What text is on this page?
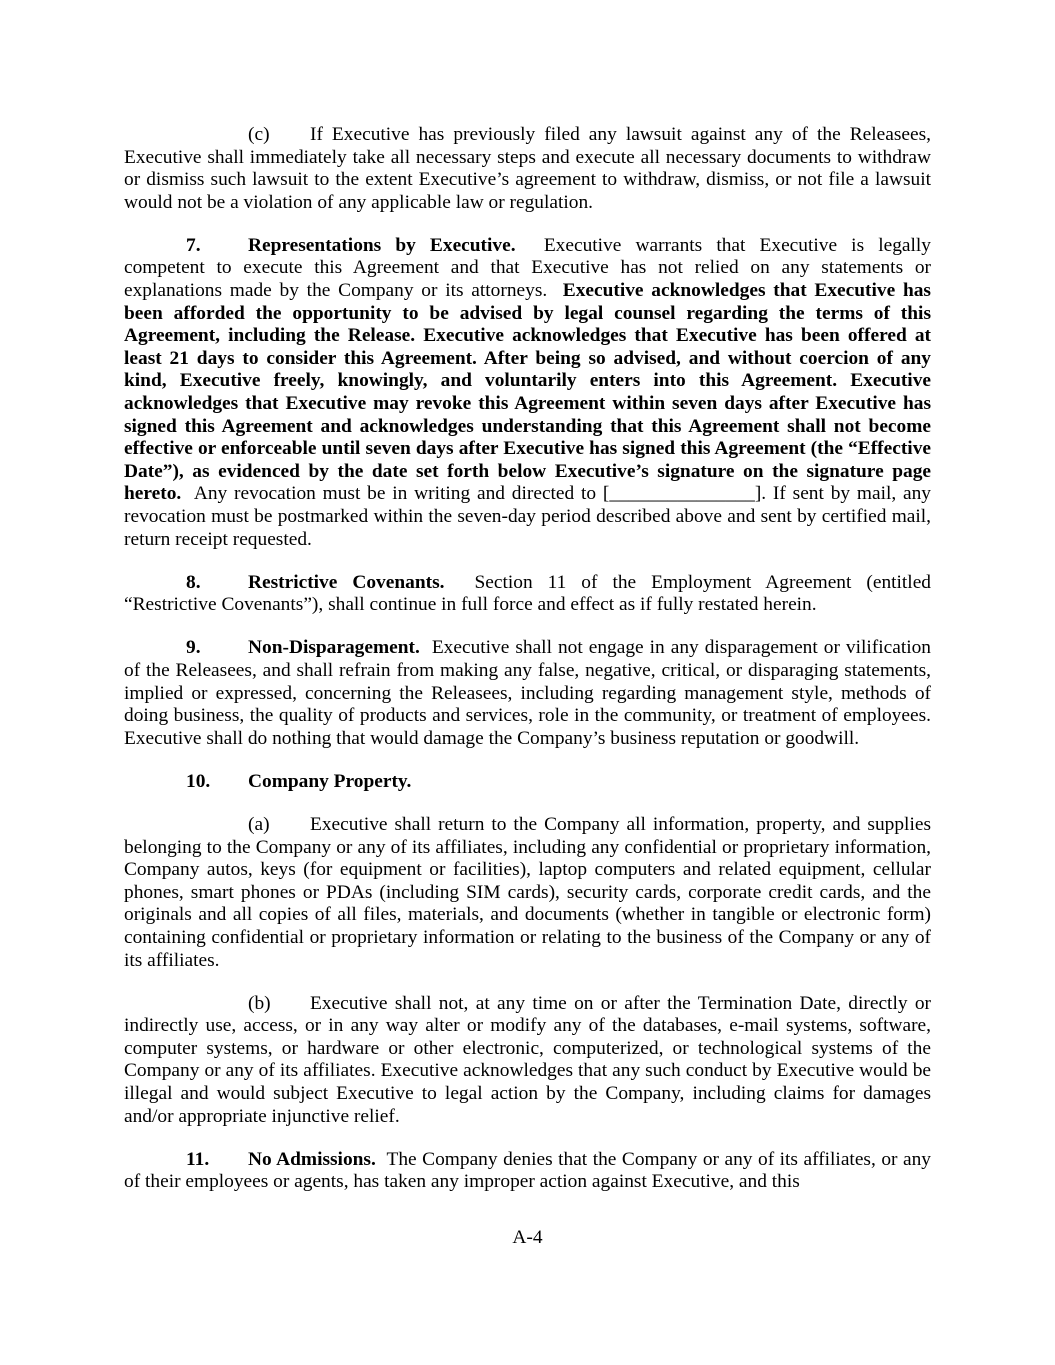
(c) If Executive has previously filed any lawsuit against any of the Releasees, Executive shall immediately take all necessary steps and execute all necessary documents to withdraw or dismiss such lawsuit to the extent Executive’s agreement to withdraw, dismiss, or not file a lawsuit would not be a violation of any applicable law or regulation.

7. Representations by Executive. Executive warrants that Executive is legally competent to execute this Agreement and that Executive has not relied on any statements or explanations made by the Company or its attorneys. Executive acknowledges that Executive has been afforded the opportunity to be advised by legal counsel regarding the terms of this Agreement, including the Release. Executive acknowledges that Executive has been offered at least 21 days to consider this Agreement. After being so advised, and without coercion of any kind, Executive freely, knowingly, and voluntarily enters into this Agreement. Executive acknowledges that Executive may revoke this Agreement within seven days after Executive has signed this Agreement and acknowledges understanding that this Agreement shall not become effective or enforceable until seven days after Executive has signed this Agreement (the “Effective Date”), as evidenced by the date set forth below Executive’s signature on the signature page hereto. Any revocation must be in writing and directed to [_______________]. If sent by mail, any revocation must be postmarked within the seven-day period described above and sent by certified mail, return receipt requested.

8. Restrictive Covenants. Section 11 of the Employment Agreement (entitled “Restrictive Covenants”), shall continue in full force and effect as if fully restated herein.

9. Non-Disparagement. Executive shall not engage in any disparagement or vilification of the Releasees, and shall refrain from making any false, negative, critical, or disparaging statements, implied or expressed, concerning the Releasees, including regarding management style, methods of doing business, the quality of products and services, role in the community, or treatment of employees. Executive shall do nothing that would damage the Company’s business reputation or goodwill.

10. Company Property.

(a) Executive shall return to the Company all information, property, and supplies belonging to the Company or any of its affiliates, including any confidential or proprietary information, Company autos, keys (for equipment or facilities), laptop computers and related equipment, cellular phones, smart phones or PDAs (including SIM cards), security cards, corporate credit cards, and the originals and all copies of all files, materials, and documents (whether in tangible or electronic form) containing confidential or proprietary information or relating to the business of the Company or any of its affiliates.

(b) Executive shall not, at any time on or after the Termination Date, directly or indirectly use, access, or in any way alter or modify any of the databases, e-mail systems, software, computer systems, or hardware or other electronic, computerized, or technological systems of the Company or any of its affiliates. Executive acknowledges that any such conduct by Executive would be illegal and would subject Executive to legal action by the Company, including claims for damages and/or appropriate injunctive relief.

11. No Admissions. The Company denies that the Company or any of its affiliates, or any of their employees or agents, has taken any improper action against Executive, and this

A-4
